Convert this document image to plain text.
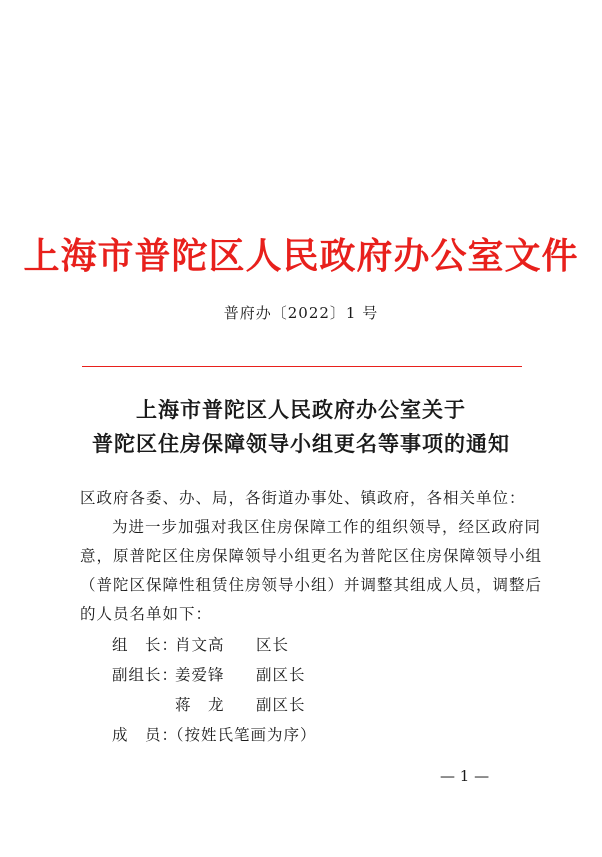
上海市普陀区人民政府办公室文件
普府办〔2022〕1 号
上海市普陀区人民政府办公室关于
普陀区住房保障领导小组更名等事项的通知
区政府各委、办、局，各街道办事处、镇政府，各相关单位：
为进一步加强对我区住房保障工作的组织领导，经区政府同
意，原普陀区住房保障领导小组更名为普陀区住房保障领导小组
（普陀区保障性租赁住房领导小组）并调整其组成人员，调整后
的人员名单如下：
组　长：
肖文高 区长
副组长：
姜爱锋 副区长
蒋　龙 副区长
成　员：
（按姓氏笔画为序）
— 1 —
